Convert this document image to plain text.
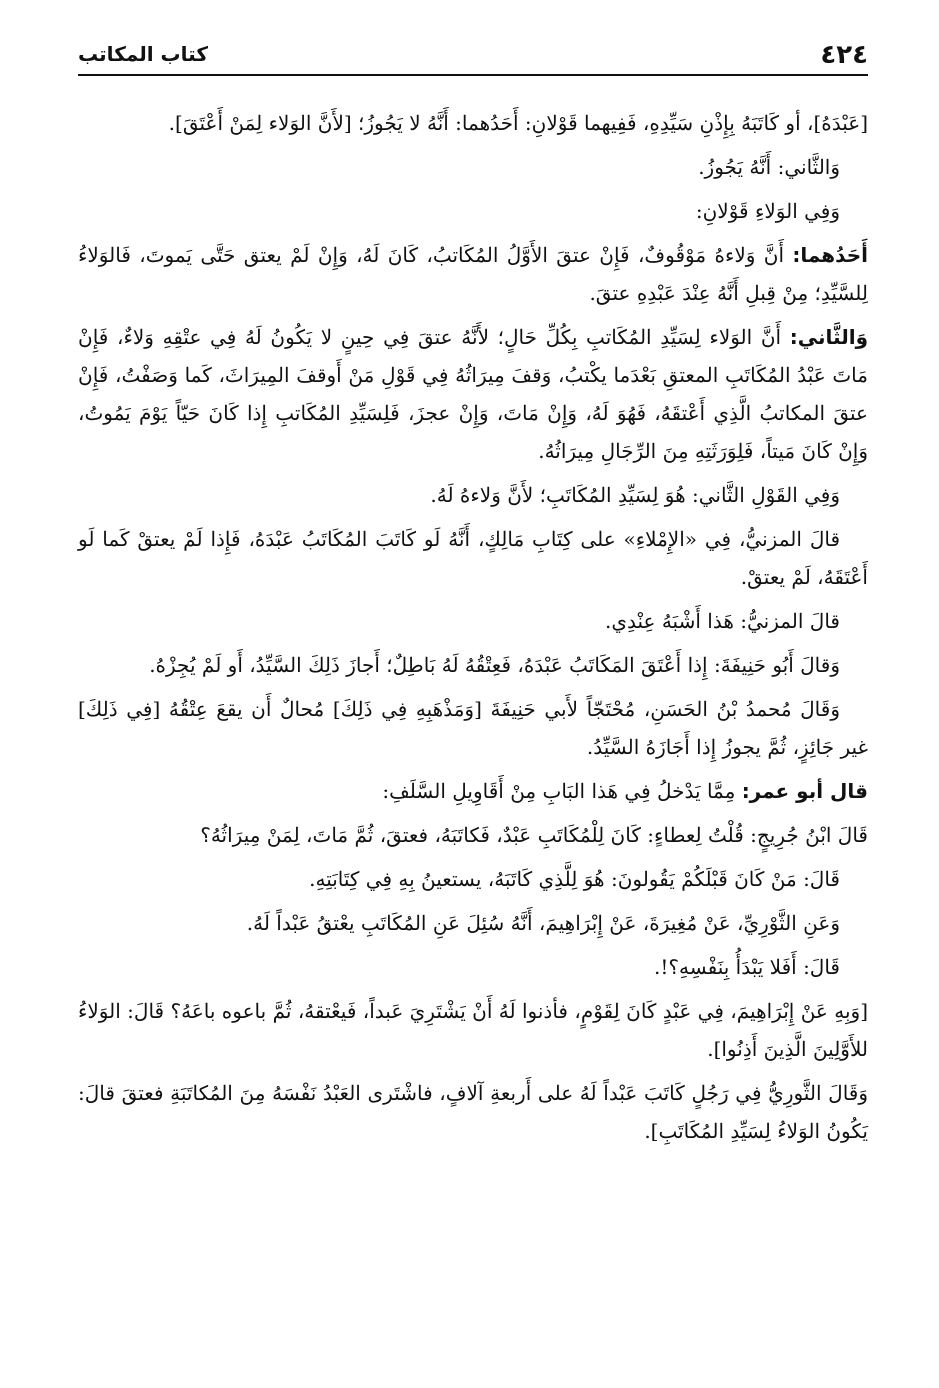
٤٢٤
كتاب المكاتب

[عَبْدَهُ]، أو كَاتَبَهُ بِإِذْنِ سَيِّدِهِ، فَفِيهما قَوْلانِ: أَحَدُهما: أَنَّهُ لا يَجُوزُ؛ [لأَنَّ الوَلاء لِمَنْ أَعْتَقَ].

وَالثَّاني: أَنَّهُ يَجُوزُ.

وَفِي الوَلاءِ قَوْلانِ:

أَحَدُهما: أَنَّ وَلاءهُ مَوْقُوفٌ، فَإِنْ عتقَ الأَوَّلُ المُكَاتبُ، كَانَ لَهُ، وَإِنْ لَمْ يعتق حَتَّى يَموتَ، فَالوَلاءُ لِلسَّيِّدِ؛ مِنْ قِبلِ أَنَّهُ عِنْدَ عَبْدِهِ عتقَ.

وَالثَّاني: أَنَّ الوَلاء لِسَيِّدِ المُكَاتبِ بِكُلِّ حَالٍ؛ لأَنَّهُ عتقَ فِي حِينٍ لا يَكُونُ لَهُ فِي عتْقِهِ وَلاءٌ، فَإِنْ مَاتَ عَبْدُ المُكَاتَبِ المعتقِ بَعْدَما يكْتبُ، وَقفَ مِيرَاثُهُ فِي قَوْلِ مَنْ أَوقفَ المِيرَاثَ، كَما وَصَفْتُ، فَإِنْ عتقَ المكاتبُ الَّذِي أَعْتقَهُ، فَهُوَ لَهُ، وَإِنْ مَاتَ، وَإِنْ عجزَ، فَلِسَيِّدِ المُكَاتبِ إِذا كَانَ حَيّاً يَوْمَ يَمُوتُ، وَإِنْ كَانَ مَيتاً، فَلِوَرَثَتِهِ مِنَ الرِّجَالِ مِيرَاثُهُ.

وَفِي القَوْلِ الثَّاني: هُوَ لِسَيِّدِ المُكَاتَبِ؛ لأَنَّ وَلاءهُ لَهُ.

قالَ المزنيُّ، فِي «الإِمْلاءِ» على كِتَابِ مَالِكٍ، أَنَّهُ لَو كَاتَبَ المُكَاتَبُ عَبْدَهُ، فَإِذا لَمْ يعتقْ كَما لَو أَعْتَقَهُ، لَمْ يعتقْ.

قالَ المزنيُّ: هَذا أَشْبَهُ عِنْدِي.

وَقالَ أَبُو حَنِيفَةَ: إِذا أَعْتَقَ المَكَاتَبُ عَبْدَهُ، فَعِتْقُهُ لَهُ بَاطِلٌ؛ أَجازَ ذَلِكَ السَّيِّدُ، أَو لَمْ يُجِزْهُ.

وَقَالَ مُحمدُ بْنُ الحَسَنِ، مُحْتَجّاً لأَبي حَنِيفَةَ [وَمَذْهَبِهِ فِي ذَلِكَ] مُحالٌ أَن يقعَ عِتْقُهُ [فِي ذَلِكَ] غير جَائِزٍ، ثُمَّ يجوزُ إِذا أَجَازَهُ السَّيِّدُ.

قال أبو عمر: مِمَّا يَدْخلُ فِي هَذا البَابِ مِنْ أَقَاوِيلِ السَّلَفِ:

قَالَ ابْنُ جُرِيجٍ: قُلْتُ لِعطاءٍ: كَانَ لِلْمُكَاتَبِ عَبْدٌ، فَكاتَبَهُ، فعتقَ، ثُمَّ مَاتَ، لِمَنْ مِيرَاثُهُ؟

قَالَ: مَنْ كَانَ قَبْلَكُمْ يَقُولونَ: هُوَ لِلَّذِي كَاتَبَهُ، يستعينُ بِهِ فِي كِتَابَتِهِ.

وَعَنِ الثَّوْرِيِّ، عَنْ مُغِيرَةَ، عَنْ إِبْرَاهِيمَ، أَنَّهُ سُئِلَ عَنِ المُكَاتَبِ يعْتقُ عَبْداً لَهُ.

قَالَ: أَفَلا يَبْدَأُ بِنَفْسِهِ؟!.

[وَبِهِ عَنْ إِبْرَاهِيمَ، فِي عَبْدٍ كَانَ لِقَوْمٍ، فأذنوا لَهُ أَنْ يَشْتَرِيَ عَبداً، فَيعْتقهُ، ثُمَّ باعوه باعَهُ؟ قَالَ: الوَلاءُ للأَوَّلِينَ الَّذِينَ أَذِنُوا].

وَقَالَ الثَّورِيُّ فِي رَجُلٍ كَاتَبَ عَبْداً لَهُ على أَربعةِ آلافٍ، فاشْتَرى العَبْدُ نَفْسَهُ مِنَ المُكاتَبَةِ فعتقَ قالَ: يَكُونُ الوَلاءُ لِسَيِّدِ المُكَاتَبِ].
